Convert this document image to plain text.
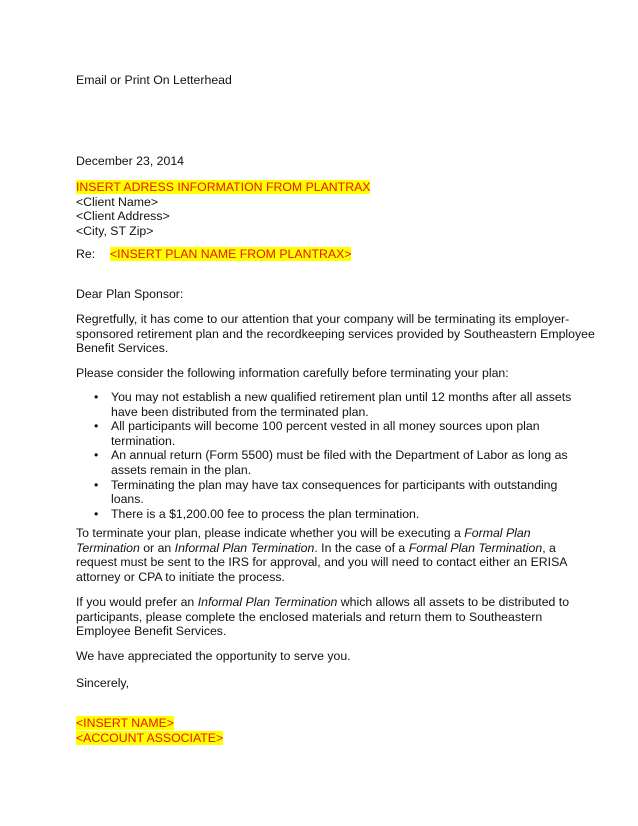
Email or Print On Letterhead
December 23, 2014
INSERT ADRESS INFORMATION FROM PLANTRAX
<Client Name>
<Client Address>
<City, ST Zip>
Re: <INSERT PLAN NAME FROM PLANTRAX>
Dear Plan Sponsor:
Regretfully, it has come to our attention that your company will be terminating its employer-
sponsored retirement plan and the recordkeeping services provided by Southeastern Employee
Benefit Services.
Please consider the following information carefully before terminating your plan:
• You may not establish a new qualified retirement plan until 12 months after all assets
have been distributed from the terminated plan.
• All participants will become 100 percent vested in all money sources upon plan
termination.
• An annual return (Form 5500) must be filed with the Department of Labor as long as
assets remain in the plan.
• Terminating the plan may have tax consequences for participants with outstanding
loans.
• There is a $1,200.00 fee to process the plan termination.
To terminate your plan, please indicate whether you will be executing a Formal Plan
Termination or an Informal Plan Termination. In the case of a Formal Plan Termination, a
request must be sent to the IRS for approval, and you will need to contact either an ERISA
attorney or CPA to initiate the process.
If you would prefer an Informal Plan Termination which allows all assets to be distributed to
participants, please complete the enclosed materials and return them to Southeastern
Employee Benefit Services.
We have appreciated the opportunity to serve you.
Sincerely,
<INSERT NAME>
<ACCOUNT ASSOCIATE>
